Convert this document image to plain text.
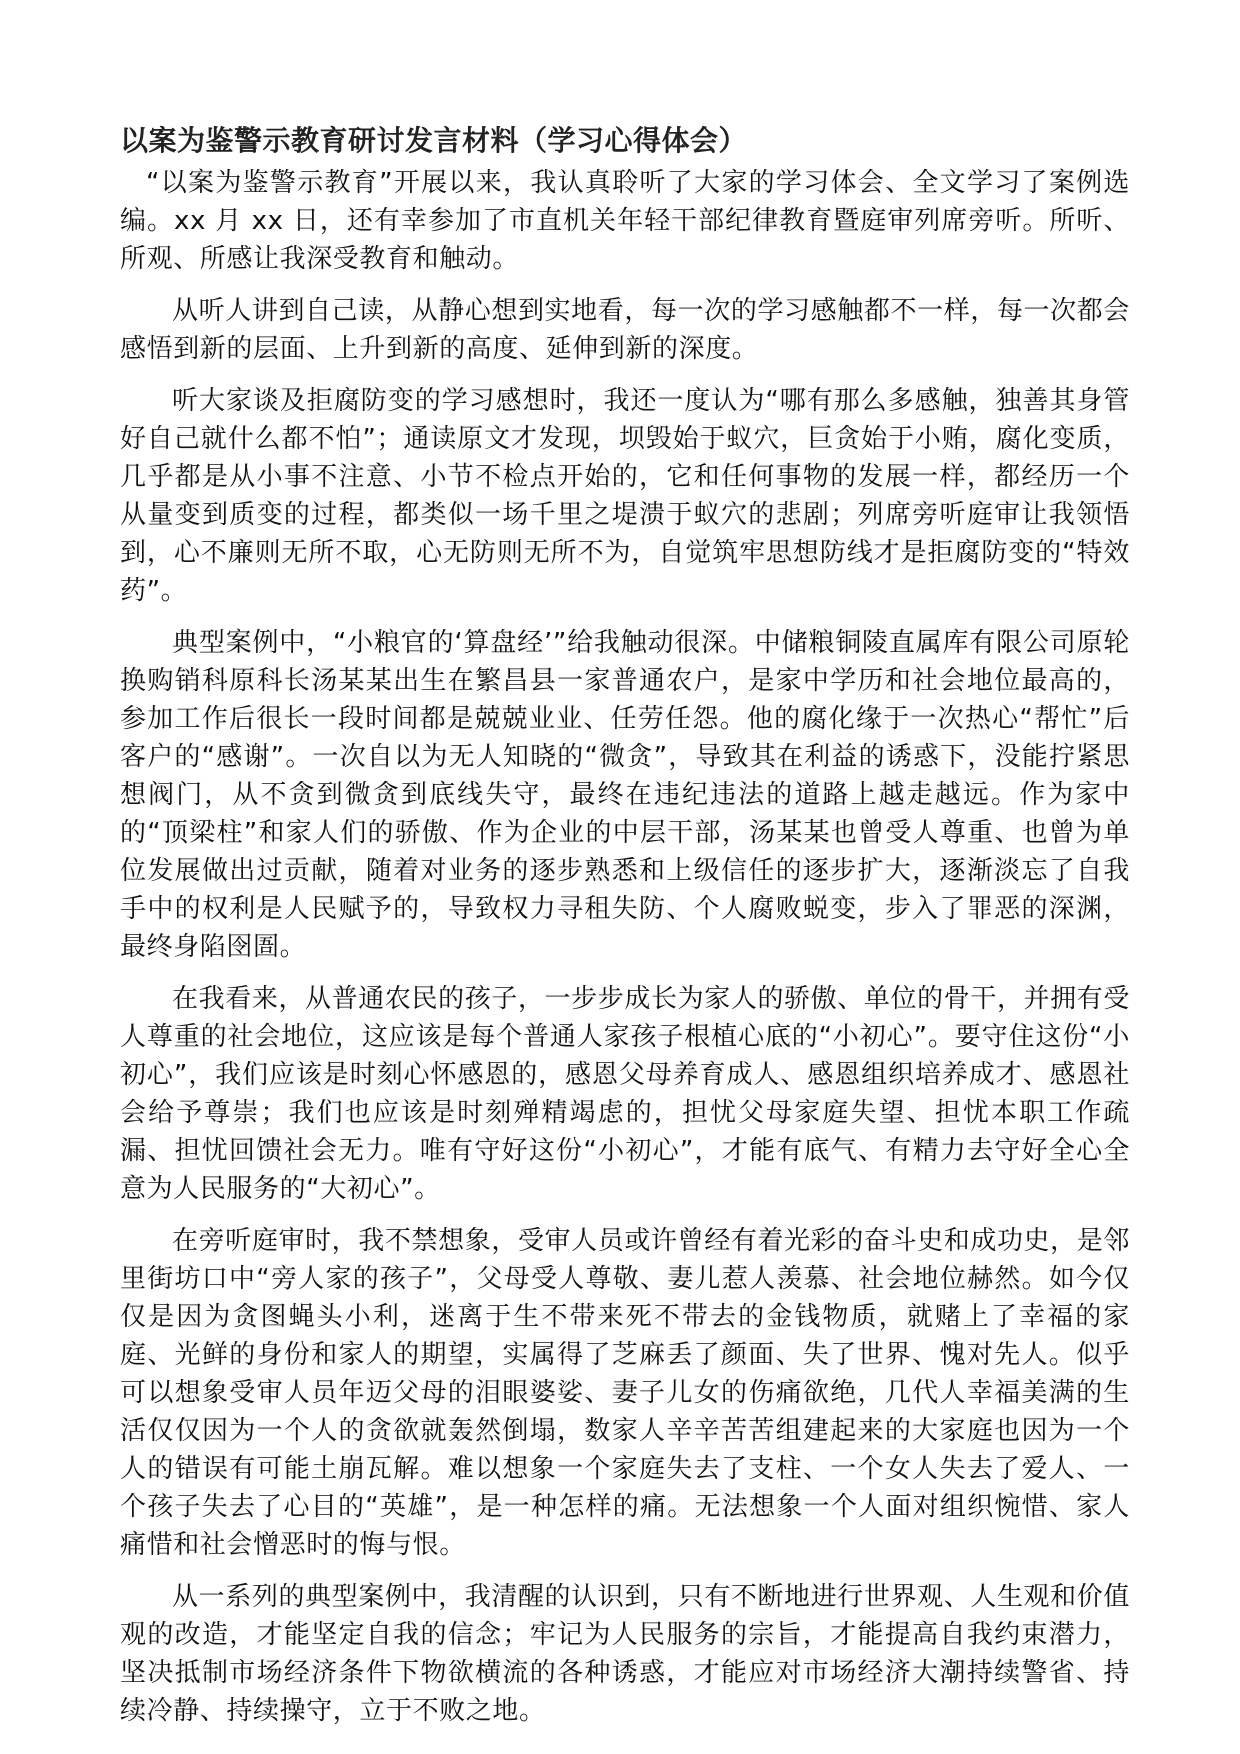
以案为鉴警示教育研讨发言材料（学习心得体会）

“以案为鉴警示教育”开展以来，我认真聆听了大家的学习体会、全文学习了案例选编。xx 月 xx 日，还有幸参加了市直机关年轻干部纪律教育暨庭审列席旁听。所听、所观、所感让我深受教育和触动。

从听人讲到自己读，从静心想到实地看，每一次的学习感触都不一样，每一次都会感悟到新的层面、上升到新的高度、延伸到新的深度。

听大家谈及拒腐防变的学习感想时，我还一度认为“哪有那么多感触，独善其身管好自己就什么都不怕”；通读原文才发现，坝毁始于蚁穴，巨贪始于小贿，腐化变质，几乎都是从小事不注意、小节不检点开始的，它和任何事物的发展一样，都经历一个从量变到质变的过程，都类似一场千里之堤溃于蚁穴的悲剧；列席旁听庭审让我领悟到，心不廉则无所不取，心无防则无所不为，自觉筑牢思想防线才是拒腐防变的“特效药”。

典型案例中，“小粮官的‘算盘经’”给我触动很深。中储粮铜陵直属库有限公司原轮换购销科原科长汤某某出生在繁昌县一家普通农户，是家中学历和社会地位最高的，参加工作后很长一段时间都是兢兢业业、任劳任怨。他的腐化缘于一次热心“帮忙”后客户的“感谢”。一次自以为无人知晓的“微贪”，导致其在利益的诱惑下，没能拧紧思想阀门，从不贪到微贪到底线失守，最终在违纪违法的道路上越走越远。作为家中的“顶梁柱”和家人们的骄傲、作为企业的中层干部，汤某某也曾受人尊重、也曾为单位发展做出过贡献，随着对业务的逐步熟悉和上级信任的逐步扩大，逐渐淡忘了自我手中的权利是人民赋予的，导致权力寻租失防、个人腐败蜕变，步入了罪恶的深渊，最终身陷囹圄。

在我看来，从普通农民的孩子，一步步成长为家人的骄傲、单位的骨干，并拥有受人尊重的社会地位，这应该是每个普通人家孩子根植心底的“小初心”。要守住这份“小初心”，我们应该是时刻心怀感恩的，感恩父母养育成人、感恩组织培养成才、感恩社会给予尊崇；我们也应该是时刻殚精竭虑的，担忧父母家庭失望、担忧本职工作疏漏、担忧回馈社会无力。唯有守好这份“小初心”，才能有底气、有精力去守好全心全意为人民服务的“大初心”。

在旁听庭审时，我不禁想象，受审人员或许曾经有着光彩的奋斗史和成功史，是邻里街坊口中“旁人家的孩子”，父母受人尊敬、妻儿惹人羡慕、社会地位赫然。如今仅仅是因为贪图蝇头小利，迷离于生不带来死不带去的金钱物质，就赌上了幸福的家庭、光鲜的身份和家人的期望，实属得了芝麻丢了颜面、失了世界、愧对先人。似乎可以想象受审人员年迈父母的泪眼婆娑、妻子儿女的伤痛欲绝，几代人幸福美满的生活仅仅因为一个人的贪欲就轰然倒塌，数家人辛辛苦苦组建起来的大家庭也因为一个人的错误有可能土崩瓦解。难以想象一个家庭失去了支柱、一个女人失去了爱人、一个孩子失去了心目的“英雄”，是一种怎样的痛。无法想象一个人面对组织惋惜、家人痛惜和社会憎恶时的悔与恨。

从一系列的典型案例中，我清醒的认识到，只有不断地进行世界观、人生观和价值观的改造，才能坚定自我的信念；牢记为人民服务的宗旨，才能提高自我约束潜力，坚决抵制市场经济条件下物欲横流的各种诱惑，才能应对市场经济大潮持续警省、持续冷静、持续操守，立于不败之地。
